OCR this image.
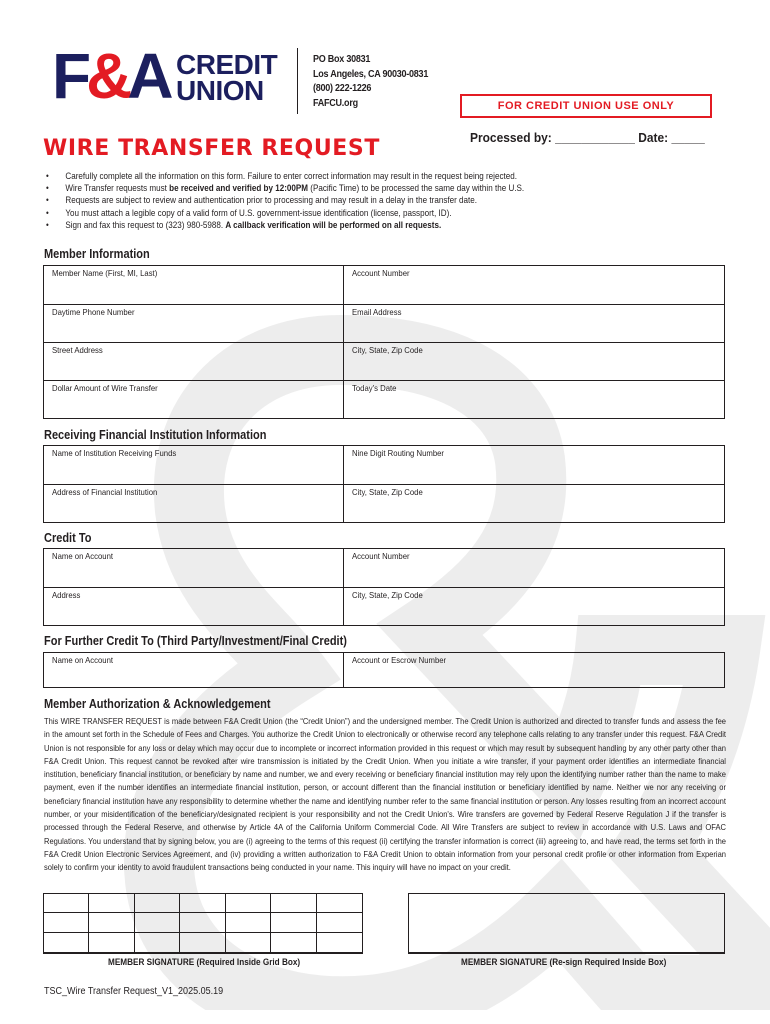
F&A CREDIT
UNION
PO Box 30831
Los Angeles, CA 90030-0831
(800) 222-1226
FAFCU.org	FOR CREDIT UNION USE ONLY
Processed by: ____________ Date: _____
WIRE TRANSFER REQUEST
• Carefully complete all the information on this form. Failure to enter correct information may result in the request being rejected.
• Wire Transfer requests must be received and verified by 12:00PM (Pacific Time) to be processed the same day within the U.S.
• Requests are subject to review and authentication prior to processing and may result in a delay in the transfer date.
• You must attach a legible copy of a valid form of U.S. government-issue identification (license, passport, ID).
• Sign and fax this request to (323) 980-5988. A callback verification will be performed on all requests.
Member Information
Member Name (First, MI, Last)	Account Number
Daytime Phone Number	Email Address
Street Address	City, State, Zip Code
Dollar Amount of Wire Transfer	Today's Date
Receiving Financial Institution Information
Name of Institution Receiving Funds	Nine Digit Routing Number
Address of Financial Institution	City, State, Zip Code
Credit To
Name on Account	Account Number
Address	City, State, Zip Code
For Further Credit To (Third Party/Investment/Final Credit)
Name on Account	Account or Escrow Number
Member Authorization & Acknowledgement
This WIRE TRANSFER REQUEST is made between F&A Credit Union (the “Credit Union”) and the undersigned member. The Credit Union is authorized and directed to transfer funds and assess the fee in the amount set forth in the Schedule of Fees and Charges. You authorize the Credit Union to electronically or otherwise record any telephone calls relating to any transfer under this request. F&A Credit Union is not responsible for any loss or delay which may occur due to incomplete or incorrect information provided in this request or which may result by subsequent handling by any other party other than F&A Credit Union. This request cannot be revoked after wire transmission is initiated by the Credit Union. When you initiate a wire transfer, if your payment order identifies an intermediate financial institution, beneficiary financial institution, or beneficiary by name and number, we and every receiving or beneficiary financial institution may rely upon the identifying number rather than the name to make payment, even if the number identifies an intermediate financial institution, person, or account different than the financial institution or beneficiary identified by name. Neither we nor any receiving or beneficiary financial institution have any responsibility to determine whether the name and identifying number refer to the same financial institution or person. Any losses resulting from an incorrect account number, or your misidentification of the beneficiary/designated recipient is your responsibility and not the Credit Union's. Wire transfers are governed by Federal Reserve Regulation J if the transfer is processed through the Federal Reserve, and otherwise by Article 4A of the California Uniform Commercial Code. All Wire Transfers are subject to review in accordance with U.S. Laws and OFAC Regulations. You understand that by signing below, you are (i) agreeing to the terms of this request (ii) certifying the transfer information is correct (iii) agreeing to, and have read, the terms set forth in the F&A Credit Union Electronic Services Agreement, and (iv) providing a written authorization to F&A Credit Union to obtain information from your personal credit profile or other information from Experian solely to confirm your identity to avoid fraudulent transactions being conducted in your name. This inquiry will have no impact on your credit.
MEMBER SIGNATURE (Required Inside Grid Box)	MEMBER SIGNATURE (Re-sign Required Inside Box)
TSC_Wire Transfer Request_V1_2025.05.19
